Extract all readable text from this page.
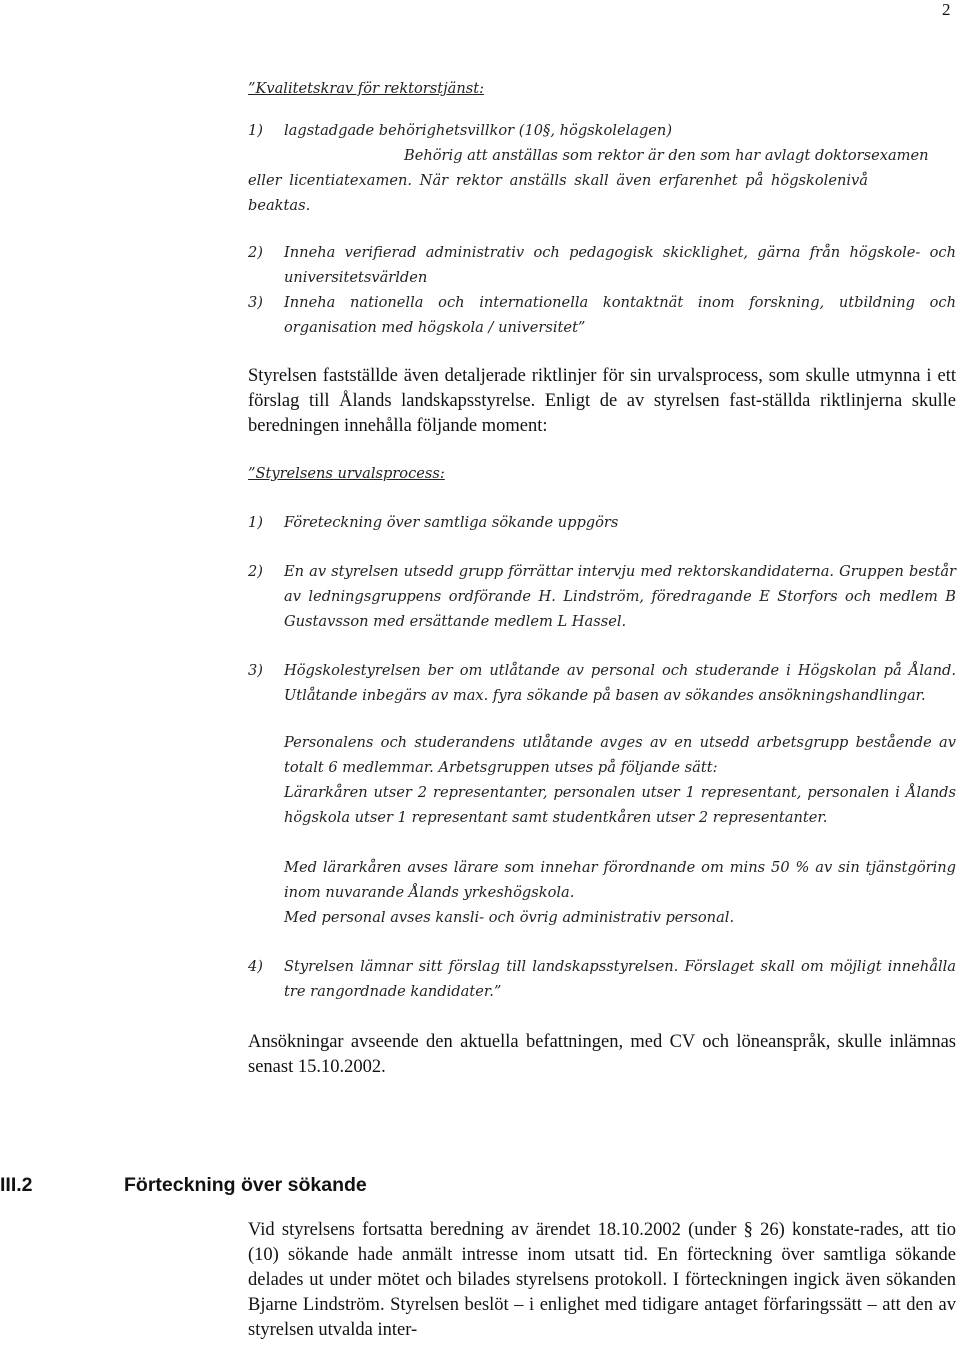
2

”Kvalitetskrav för rektorstjänst:

1)	lagstadgade behörighetsvillkor (10§, högskolelagen)

Behörig att anställas som rektor är den som har avlagt doktorsexamen

eller licentiatexamen. När rektor anställs skall även erfarenhet på högskolenivå beaktas.

2)	Inneha verifierad administrativ och pedagogisk skicklighet, gärna från högskole- och universitetsvärlden
3)	Inneha nationella och internationella kontaktnät inom forskning, utbildning och organisation med högskola / universitet”

Styrelsen fastställde även detaljerade riktlinjer för sin urvalsprocess, som skulle utmynna i ett förslag till Ålands landskapsstyrelse. Enligt de av styrelsen fast-ställda riktlinjerna skulle beredningen innehålla följande moment:

”Styrelsens urvalsprocess:

1)	Företeckning över samtliga sökande uppgörs
2)	En av styrelsen utsedd grupp förrättar intervju med rektorskandidaterna. Gruppen består av ledningsgruppens ordförande H. Lindström, föredragande E Storfors och medlem B Gustavsson med ersättande medlem L Hassel.
3)	Högskolestyrelsen ber om utlåtande av personal och studerande i Högskolan på Åland. Utlåtande inbegärs av max. fyra sökande på basen av sökandes ansökningshandlingar.

Personalens och studerandens utlåtande avges av en utsedd arbetsgrupp bestående av totalt 6 medlemmar. Arbetsgruppen utses på följande sätt:

Lärarkåren utser 2 representanter, personalen utser 1 representant, personalen i Ålands högskola utser 1 representant samt studentkåren utser 2 representanter.

Med lärarkåren avses lärare som innehar förordnande om mins 50 % av sin tjänstgöring inom nuvarande Ålands yrkeshögskola.

Med personal avses kansli- och övrig administrativ personal.

4)	Styrelsen lämnar sitt förslag till landskapsstyrelsen. Förslaget skall om möjligt innehålla tre rangordnade kandidater.”

Ansökningar avseende den aktuella befattningen, med CV och löneanspråk, skulle inlämnas senast 15.10.2002.

III.2	Förteckning över sökande

Vid styrelsens fortsatta beredning av ärendet 18.10.2002 (under § 26) konstate-rades, att tio (10) sökande hade anmält intresse inom utsatt tid. En förteckning över samtliga sökande delades ut under mötet och bilades styrelsens protokoll. I förteckningen ingick även sökanden Bjarne Lindström. Styrelsen beslöt – i enlighet med tidigare antaget förfaringssätt – att den av styrelsen utvalda inter-
